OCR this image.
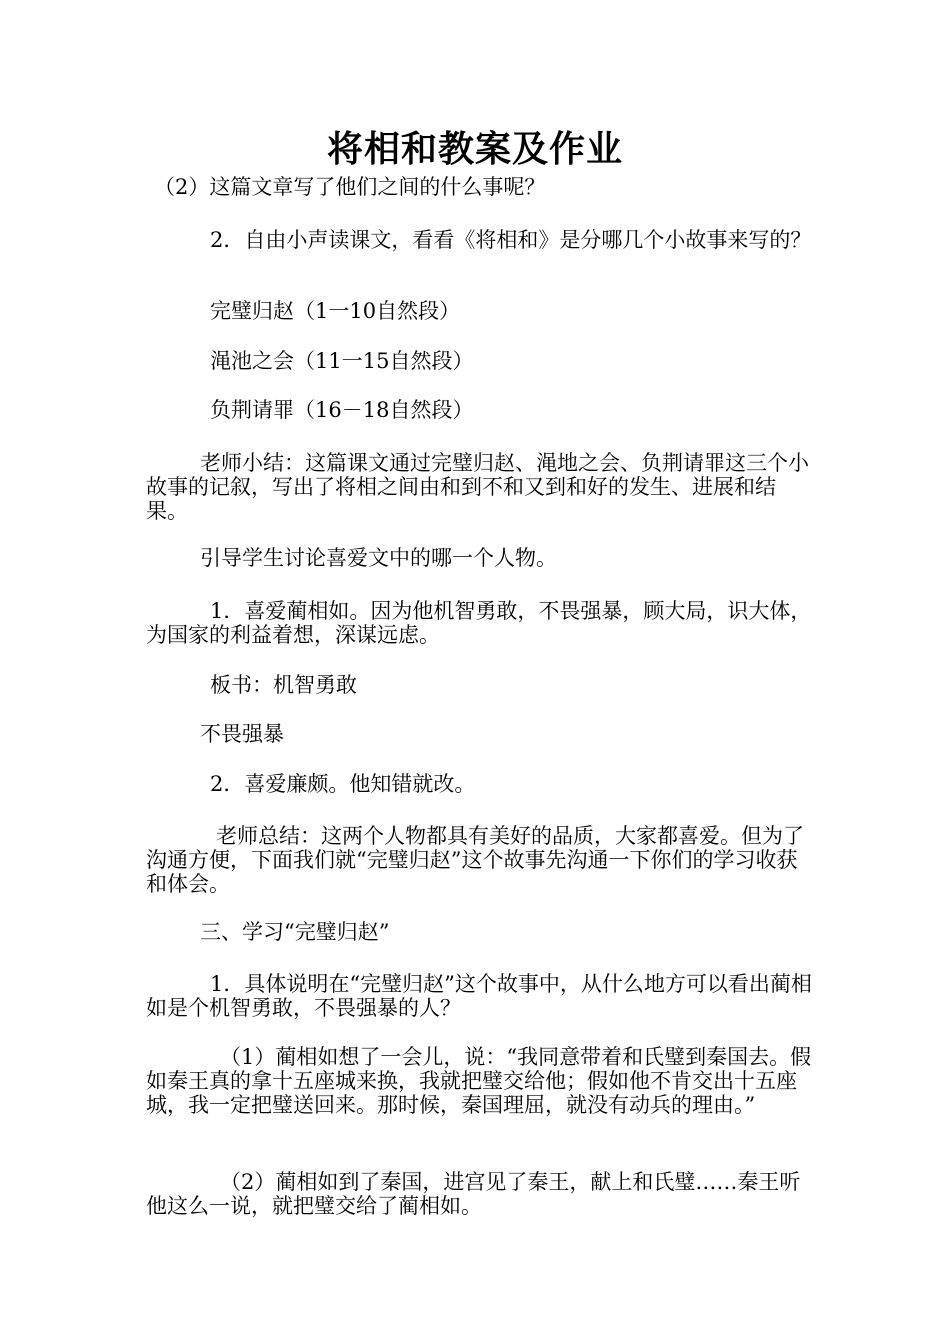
将相和教案及作业

（2）这篇文章写了他们之间的什么事呢？

2．自由小声读课文，看看《将相和》是分哪几个小故事来写的？

完璧归赵（1一10自然段）

渑池之会（11一15自然段）

负荆请罪（16－18自然段）

老师小结：这篇课文通过完璧归赵、渑地之会、负荆请罪这三个小故事的记叙，写出了将相之间由和到不和又到和好的发生、进展和结果。

引导学生讨论喜爱文中的哪一个人物。

1．喜爱蔺相如。因为他机智勇敢，不畏强暴，顾大局，识大体，为国家的利益着想，深谋远虑。

板书：机智勇敢

不畏强暴

2．喜爱廉颇。他知错就改。

老师总结：这两个人物都具有美好的品质，大家都喜爱。但为了沟通方便，下面我们就“完璧归赵”这个故事先沟通一下你们的学习收获和体会。

三、学习“完璧归赵”

1．具体说明在“完璧归赵”这个故事中，从什么地方可以看出蔺相如是个机智勇敢，不畏强暴的人？

（1）蔺相如想了一会儿，说：“我同意带着和氏璧到秦国去。假如秦王真的拿十五座城来换，我就把璧交给他；假如他不肯交出十五座城，我一定把璧送回来。那时候，秦国理屈，就没有动兵的理由。”

（2）蔺相如到了秦国，进宫见了秦王，献上和氏璧……秦王听他这么一说，就把璧交给了蔺相如。
